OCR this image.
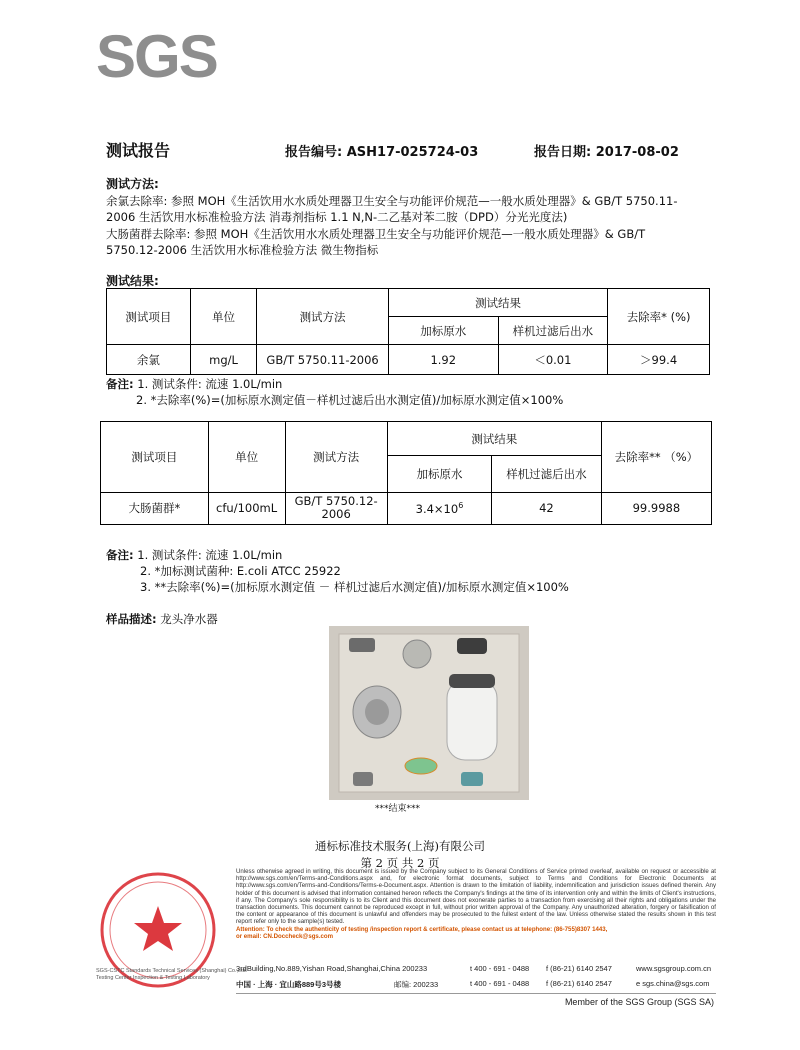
SGS
测试报告	报告编号: ASH17-025724-03	报告日期: 2017-08-02
测试方法:
余氯去除率: 参照 MOH《生活饮用水水质处理器卫生安全与功能评价规范—一般水质处理器》& GB/T 5750.11-
2006 生活饮用水标准检验方法 消毒剂指标 1.1 N,N-二乙基对苯二胺（DPD）分光光度法)
大肠菌群去除率: 参照 MOH《生活饮用水水质处理器卫生安全与功能评价规范—一般水质处理器》& GB/T
5750.12-2006 生活饮用水标准检验方法 微生物指标
测试结果:
测试项目	单位	测试方法	测试结果		去除率* (%)
			加标原水	样机过滤后出水	
余氯	mg/L	GB/T 5750.11-2006	1.92	＜0.01	＞99.4
备注: 1. 测试条件: 流速 1.0L/min
2. *去除率(%)=(加标原水测定值－样机过滤后出水测定值)/加标原水测定值×100%
测试项目	单位	测试方法	测试结果		去除率** （%）
			加标原水	样机过滤后出水	
大肠菌群*	cfu/100mL	GB/T 5750.12-
2006	$3.4\times 10^6$	42	99.9988
备注: 1. 测试条件: 流速 1.0L/min
2. *加标测试菌种: E.coli ATCC 25922
3. **去除率(%)=(加标原水测定值 － 样机过滤后水测定值)/加标原水测定值×100%
样品描述: 龙头净水器
***结束***
通标标准技术服务(上海)有限公司
第 2 页 共 2 页
SGS-CSTC Standards Technical Services (Shanghai) Co.,Ltd.
Testing Center Inspection & Testing Laboratory
Unless otherwise agreed in writing, this document is issued by the Company subject to its General Conditions of Service printed overleaf, available on request or accessible at http://www.sgs.com/en/Terms-and-Conditions.aspx and, for electronic format documents, subject to Terms and Conditions for Electronic Documents at http://www.sgs.com/en/Terms-and-Conditions/Terms-e-Document.aspx. Attention is drawn to the limitation of liability, indemnification and jurisdiction issues defined therein. Any holder of this document is advised that information contained hereon reflects the Company's findings at the time of its intervention only and within the limits of Client's instructions, if any. The Company's sole responsibility is to its Client and this document does not exonerate parties to a transaction from exercising all their rights and obligations under the transaction documents. This document cannot be reproduced except in full, without prior written approval of the Company. Any unauthorized alteration, forgery or falsification of the content or appearance of this document is unlawful and offenders may be prosecuted to the fullest extent of the law. Unless otherwise stated the results shown in this test report refer only to the sample(s) tested.
Attention: To check the authenticity of testing /inspection report & certificate, please contact us at telephone: (86-755)8307 1443,
or email: CN.Doccheck@sgs.com
3rdBuilding,No.889,Yishan Road,Shanghai,China 200233	t 400 - 691 - 0488 f (86-21) 6140 2547	www.sgsgroup.com.cn
中国 · 上海 · 宜山路889号3号楼	邮编: 200233	t 400 - 691 - 0488 f (86-21) 6140 2547	e sgs.china@sgs.com
Member of the SGS Group (SGS SA)
